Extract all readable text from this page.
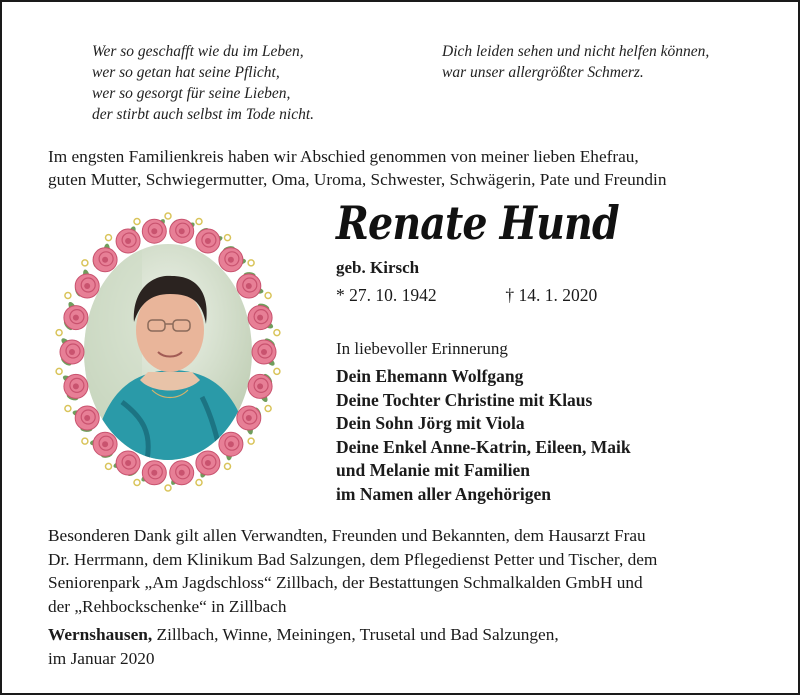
Wer so geschafft wie du im Leben,
wer so getan hat seine Pflicht,
wer so gesorgt für seine Lieben,
der stirbt auch selbst im Tode nicht.
Dich leiden sehen und nicht helfen können,
war unser allergrößter Schmerz.
Im engsten Familienkreis haben wir Abschied genommen von meiner lieben Ehefrau,
guten Mutter, Schwiegermutter, Oma, Uroma, Schwester, Schwägerin, Pate und Freundin
Renate Hund
geb. Kirsch
* 27. 10. 1942	† 14. 1. 2020
In liebevoller Erinnerung
Dein Ehemann Wolfgang
Deine Tochter Christine mit Klaus
Dein Sohn Jörg mit Viola
Deine Enkel Anne-Katrin, Eileen, Maik
und Melanie mit Familien
im Namen aller Angehörigen
Besonderen Dank gilt allen Verwandten, Freunden und Bekannten, dem Hausarzt Frau
Dr. Herrmann, dem Klinikum Bad Salzungen, dem Pflegedienst Petter und Tischer, dem
Seniorenpark „Am Jagdschloss“ Zillbach, der Bestattungen Schmalkalden GmbH und
der „Rehbockschenke“ in Zillbach
Wernshausen, Zillbach, Winne, Meiningen, Trusetal und Bad Salzungen,
im Januar 2020
